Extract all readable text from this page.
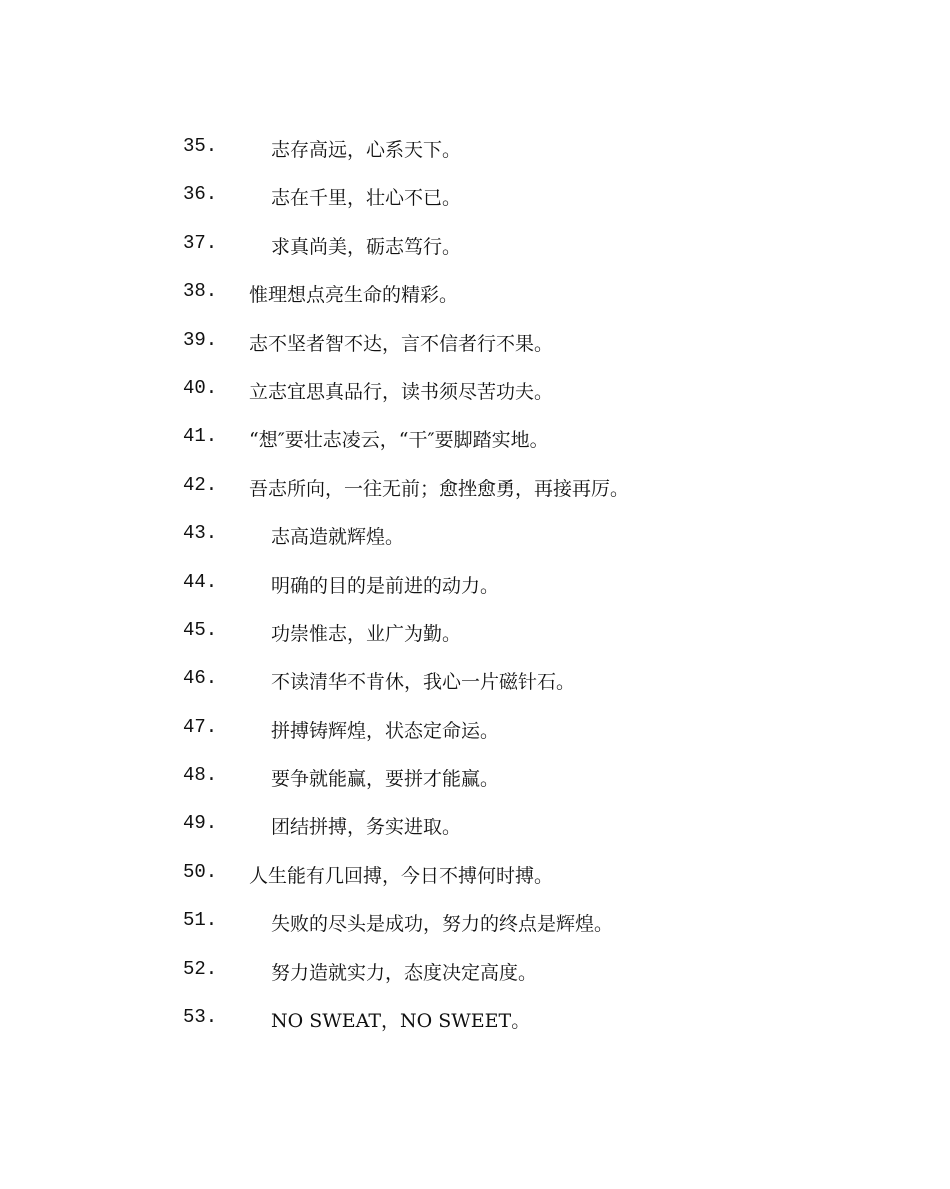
35.	志存高远，心系天下。
36.	志在千里，壮心不已。
37.	求真尚美，砺志笃行。
38. 惟理想点亮生命的精彩。
39. 志不坚者智不达，言不信者行不果。
40. 立志宜思真品行，读书须尽苦功夫。
41. “想″要壮志凌云，“干″要脚踏实地。
42. 吾志所向，一往无前；愈挫愈勇，再接再厉。
43.	志高造就辉煌。
44.	明确的目的是前进的动力。
45.	功崇惟志，业广为勤。
46.	不读清华不肯休，我心一片磁针石。
47.	拼搏铸辉煌，状态定命运。
48.	要争就能赢，要拼才能赢。
49.	团结拼搏，务实进取。
50. 人生能有几回搏，今日不搏何时搏。
51.	失败的尽头是成功，努力的终点是辉煌。
52.	努力造就实力，态度决定高度。
53.	NO SWEAT，NO SWEET。
